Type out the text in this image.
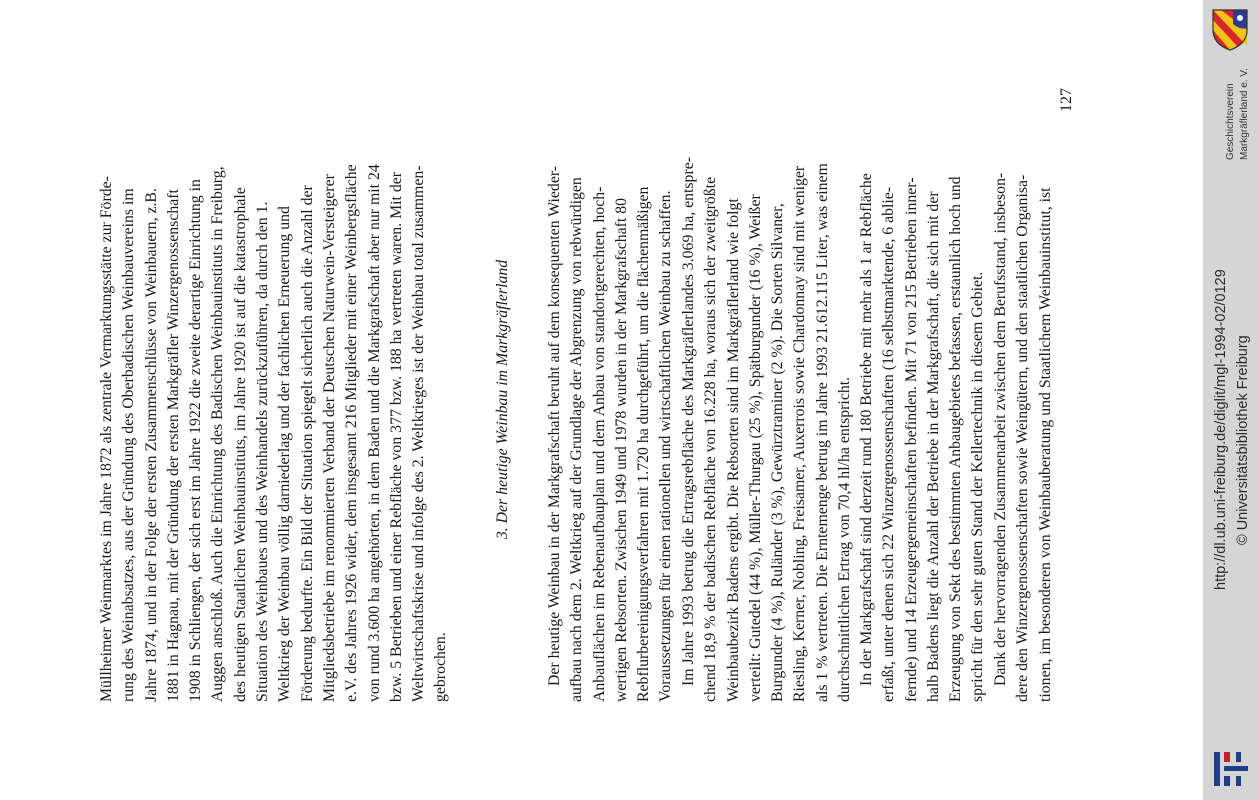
Müllheimer Weinmarktes im Jahre 1872 als zentrale Vermarktungsstätte zur Förde- rung des Weinabsatzes, aus der Gründung des Oberbadischen Weinbauvereins im Jahre 1874, und in der Folge der ersten Zusammenschlüsse von Weinbauern, z.B. 1881 in Hagnau, mit der Gründung der ersten Markgräfler Winzergenossenschaft 1908 in Schliengen, der sich erst im Jahre 1922 die zweite derartige Einrichtung in Auggen anschloß. Auch die Einrichtung des Badischen Weinbauinstituts in Freiburg, des heutigen Staatlichen Weinbauinstituts, im Jahre 1920 ist auf die katastrophale Situation des Weinbaues und des Weinhandels zurückzuführen, da durch den 1. Weltkrieg der Weinbau völlig darniederlag und der fachlichen Erneuerung und Förderung bedurfte. Ein Bild der Situation spiegelt sicherlich auch die Anzahl der Mitgliedsbetriebe im renommierten Verband der Deutschen Naturwein-Versteigerer e.V. des Jahres 1926 wider, dem insgesamt 216 Mitglieder mit einer Weinbergsfläche von rund 3.600 ha angehörten, in dem Baden und die Markgrafschaft aber nur mit 24 bzw. 5 Betrieben und einer Rebfläche von 377 bzw. 188 ha vertreten waren. Mit der Weltwirtschaftskrise und infolge des 2. Weltkrieges ist der Weinbau total zusammen- gebrochen.
3. Der heutige Weinbau im Markgräflerland Der heutige Weinbau in der Markgrafschaft beruht auf dem konsequenten Wieder- aufbau nach dem 2. Weltkrieg auf der Grundlage der Abgrenzung von rebwürdigen Anbauflächen im Rebenaufbauplan und dem Anbau von standortgerechten, hoch- wertigen Rebsorten. Zwischen 1949 und 1978 wurden in der Markgrafschaft 80 Rebflurbereinigungsverfahren mit 1.720 ha durchgeführt, um die flächenmäßigen Voraussetzungen für einen rationellen und wirtschaftlichen Weinbau zu schaffen. Im Jahre 1993 betrug die Ertragsrebfläche des Markgräflerlandes 3.069 ha, entspre- chend 18,9 % der badischen Rebfläche von 16.228 ha, woraus sich der zweitgrößte Weinbaubezirk Badens ergibt. Die Rebsorten sind im Markgräflerland wie folgt verteilt: Gutedel (44 %), Müller-Thurgau (25 %), Spätburgunder (16 %), Weißer Burgunder (4 %), Ruländer (3 %), Gewürztraminer (2 %). Die Sorten Silvaner, Riesling, Kerner, Nobling, Freisamer, Auxerrois sowie Chardonnay sind mit weniger als 1 % vertreten. Die Erntemenge betrug im Jahre 1993 21.612.115 Liter, was einem durchschnittlichen Ertrag von 70,4 hl/ha entspricht. In der Markgrafschaft sind derzeit rund 180 Betriebe mit mehr als 1 ar Rebfläche erfaßt, unter denen sich 22 Winzergenossenschaften (16 selbstmarktende, 6 ablie- fernde) und 14 Erzeugergemeinschaften befinden. Mit 71 von 215 Betrieben inner- halb Badens liegt die Anzahl der Betriebe in der Markgrafschaft, die sich mit der Erzeugung von Sekt des bestimmten Anbaugebietes befassen, erstaunlich hoch und spricht für den sehr guten Stand der Kellertechnik in diesem Gebiet. Dank der hervorragenden Zusammenarbeit zwischen dem Berufsstand, insbeson- dere den Winzergenossenschaften sowie Weingütern, und den staatlichen Organisa- tionen, im besonderen von Weinbauberatung und Staatlichem Weinbauinstitut, ist
127
http://dl.ub.uni-freiburg.de/diglit/mgl-1994-02/0129 © Universitätsbibliothek Freiburg
Geschichtsverein Markgräflerland e. V.
